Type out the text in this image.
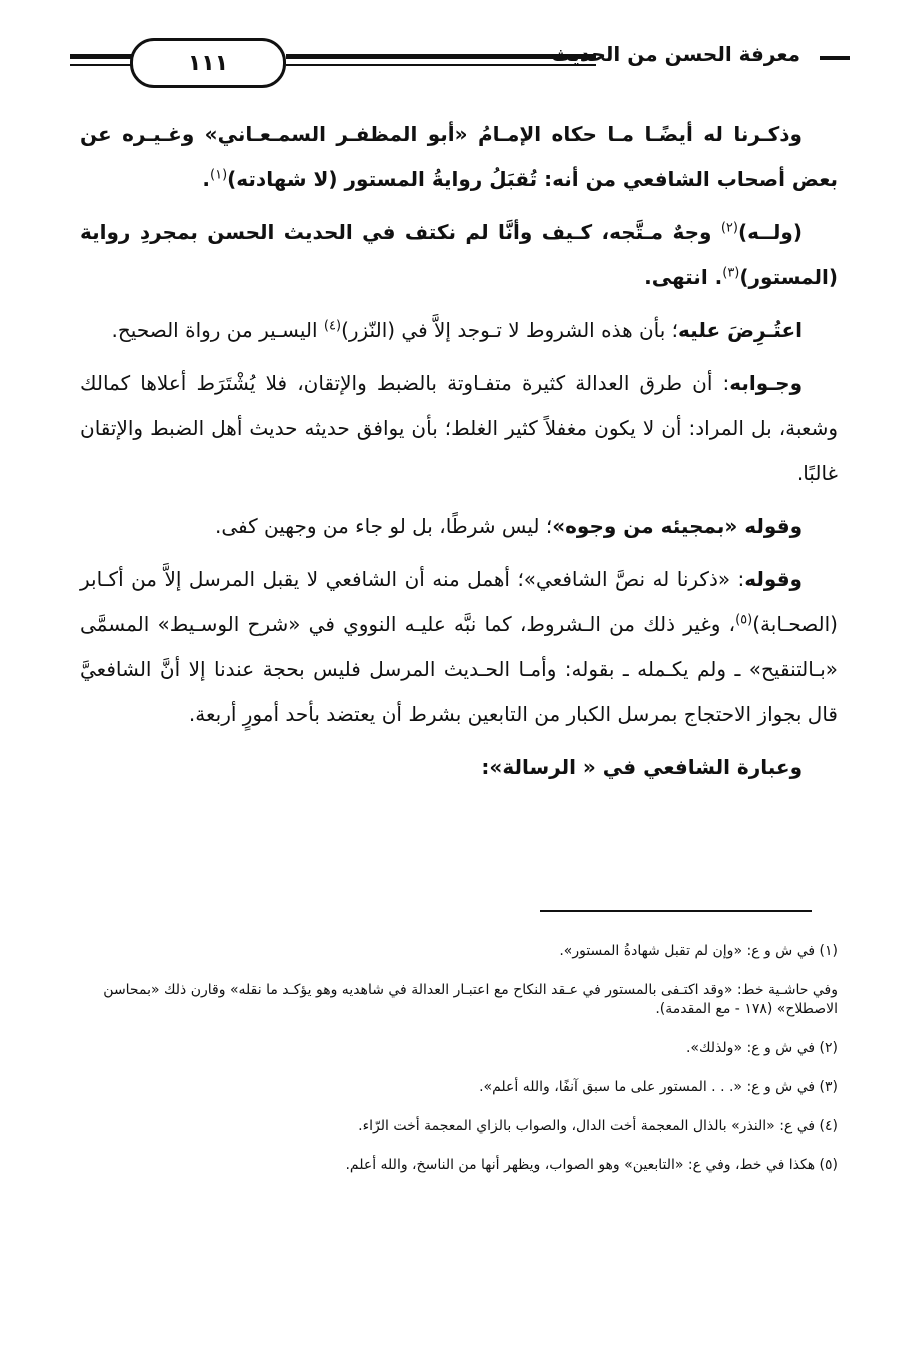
١١١	معرفة الحسن من الحديث

وذكـرنا له أيضًـا مـا حكاه الإمـامُ «أبو المظفـر السمـعـاني» وغـيـره عن بعض أصحاب الشافعي من أنه: تُقبَلُ روايةُ المستور (لا شهادته)$^{(١)}$.

(ولــه)$^{(٢)}$ وجهٌ مـتَّجه، كـيف وأنَّا لم نكتف في الحديث الحسن بمجردِ رواية (المستور)$^{(٣)}$. انتهى.

اعتُـرِضَ عليه؛ بأن هذه الشروط لا تـوجد إلاَّ في (النّزر)$^{(٤)}$ اليسـير من رواة الصحيح.

وجـوابه: أن طرق العدالة كثيرة متفـاوتة بالضبط والإتقان، فلا يُشْتَرَط أعلاها كمالك وشعبة، بل المراد: أن لا يكون مغفلاً كثير الغلط؛ بأن يوافق حديثه حديث أهل الضبط والإتقان غالبًا.

وقوله «بمجيئه من وجوه»؛ ليس شرطًا، بل لو جاء من وجهين كفى.

وقوله: «ذكرنا له نصَّ الشافعي»؛ أهمل منه أن الشافعي لا يقبل المرسل إلاَّ من أكـابر (الصحـابة)$^{(٥)}$، وغير ذلك من الـشروط، كما نبَّه عليـه النووي في «شرح الوسـيط» المسمَّى «بـالتنقيح» ـ ولم يكـمله ـ بقوله: وأمـا الحـديث المرسل فليس بحجة عندنا إلا أنَّ الشافعيَّ قال بجواز الاحتجاج بمرسل الكبار من التابعين بشرط أن يعتضد بأحد أمورٍ أربعة.

وعبارة الشافعي في « الرسالة»:

(١) في ش و ع: «وإن لم تقبل شهادةُ المستور».

وفي حاشـية خط: «وقد اكتـفى بالمستور في عـقد النكاح مع اعتبـار العدالة في شاهديه وهو يؤكـد ما نقله» وقارن ذلك «بمحاسن الاصطلاح» (١٧٨ - مع المقدمة).

(٢) في ش و ع: «ولذلك».

(٣) في ش و ع: «. . . المستور على ما سبق آنفًا، والله أعلم».

(٤) في ع: «النذر» بالذال المعجمة أخت الدال، والصواب بالزاي المعجمة أخت الرّاء.

(٥) هكذا في خط، وفي ع: «التابعين» وهو الصواب، ويظهر أنها من الناسخ، والله أعلم.
